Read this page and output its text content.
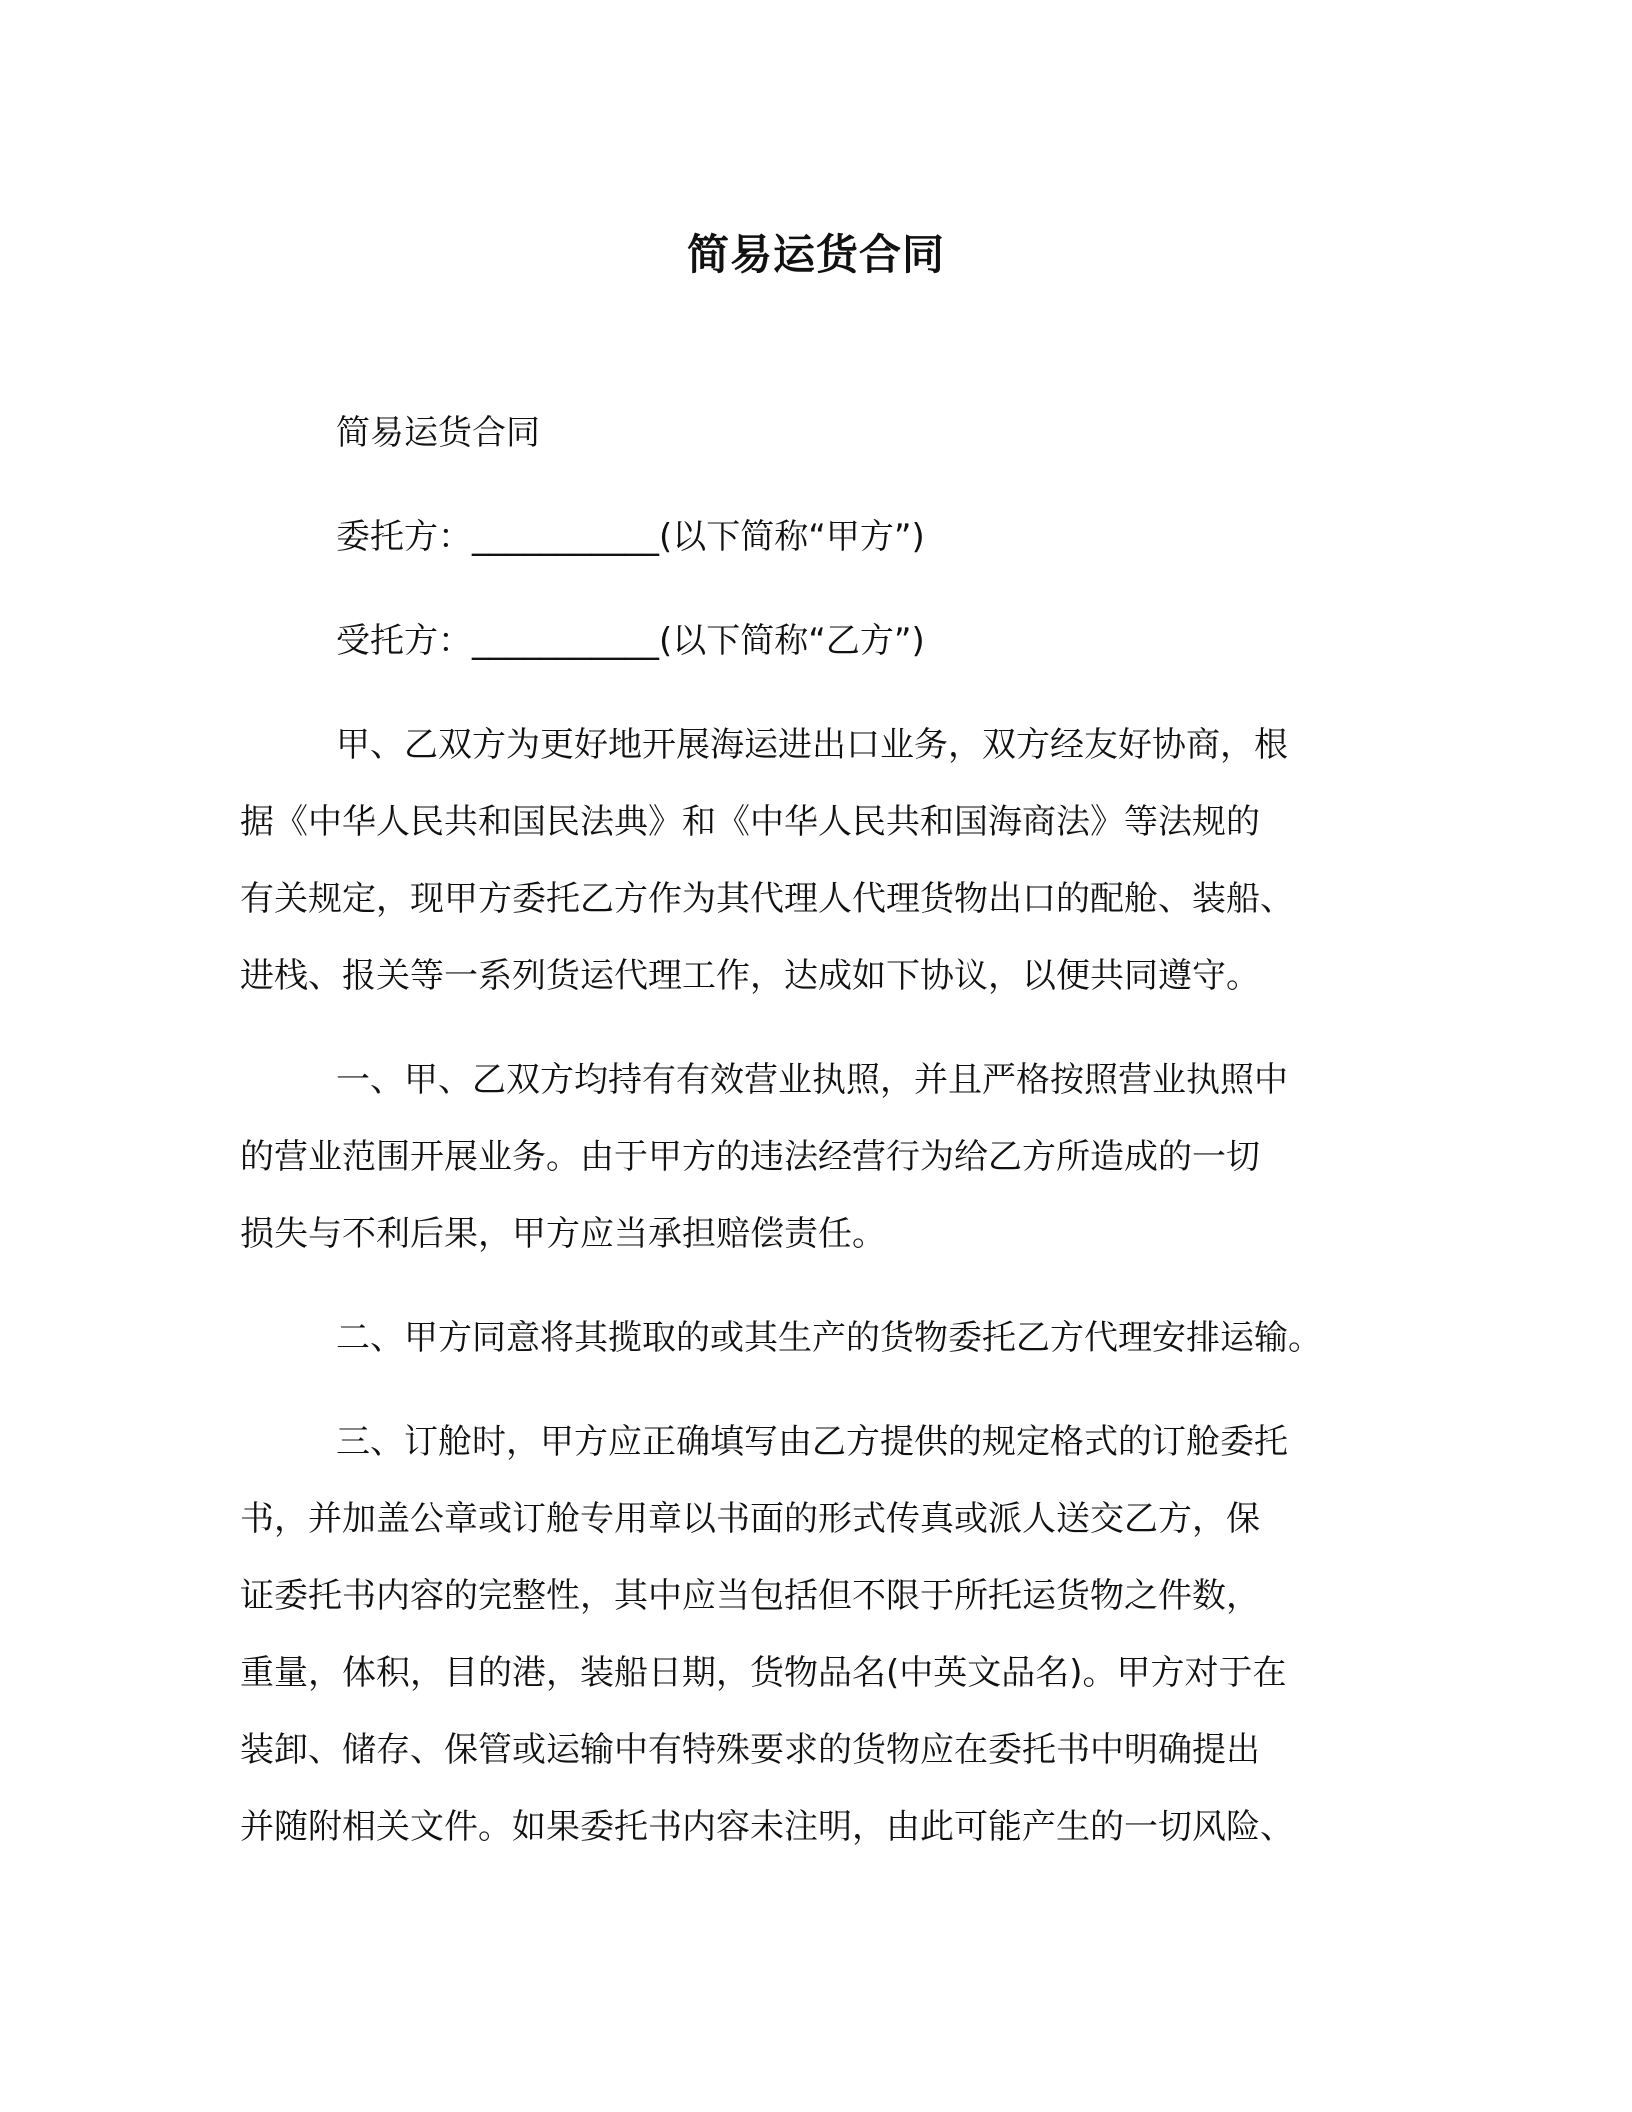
简易运货合同
简易运货合同
委托方：___________(以下简称“甲方”)
受托方：___________(以下简称“乙方”)
甲、乙双方为更好地开展海运进出口业务，双方经友好协商，根
据《中华人民共和国民法典》和《中华人民共和国海商法》等法规的
有关规定，现甲方委托乙方作为其代理人代理货物出口的配舱、装船、
进栈、报关等一系列货运代理工作，达成如下协议，以便共同遵守。
一、甲、乙双方均持有有效营业执照，并且严格按照营业执照中
的营业范围开展业务。由于甲方的违法经营行为给乙方所造成的一切
损失与不利后果，甲方应当承担赔偿责任。
二、甲方同意将其揽取的或其生产的货物委托乙方代理安排运输。
三、订舱时，甲方应正确填写由乙方提供的规定格式的订舱委托
书，并加盖公章或订舱专用章以书面的形式传真或派人送交乙方，保
证委托书内容的完整性，其中应当包括但不限于所托运货物之件数，
重量，体积，目的港，装船日期，货物品名(中英文品名)。甲方对于在
装卸、储存、保管或运输中有特殊要求的货物应在委托书中明确提出
并随附相关文件。如果委托书内容未注明，由此可能产生的一切风险、
